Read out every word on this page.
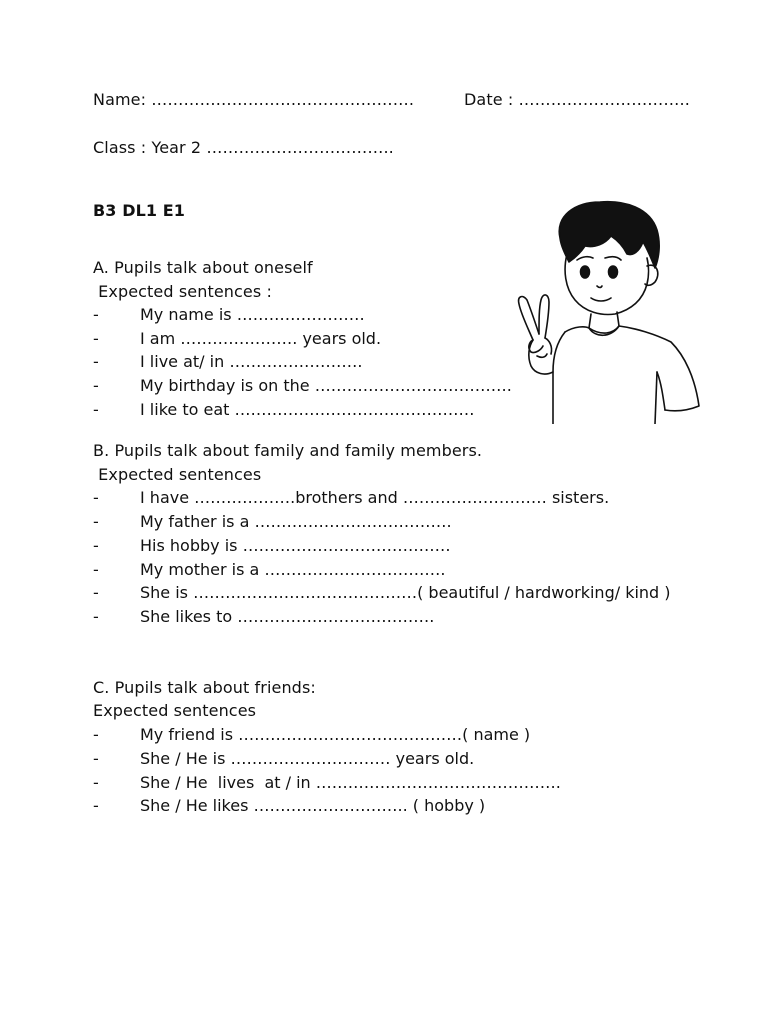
Name: ………………………………………….	Date : …………………………..
Class : Year 2 ……………………………..
B3 DL1 E1
A. Pupils talk about oneself
Expected sentences :
-	My name is ……………………
-	I am …………………. years old.
-	I live at/ in …………………….
-	My birthday is on the ……………………………….
-	I like to eat ………………………………………
B. Pupils talk about family and family members.
Expected sentences
-	I have ……………….brothers and ……………………… sisters.
-	My father is a ……………………………….
-	His hobby is …………………………………
-	My mother is a …………………………….
-	She is ……………………………………( beautiful / hardworking/ kind )
-	She likes to ……………………………….
C. Pupils talk about friends:
Expected sentences
-	My friend is ……………………………………( name )
-	She / He is ………………………… years old.
-	She / He  lives  at / in ……………………………………….
-	She / He likes ……………………….. ( hobby )
